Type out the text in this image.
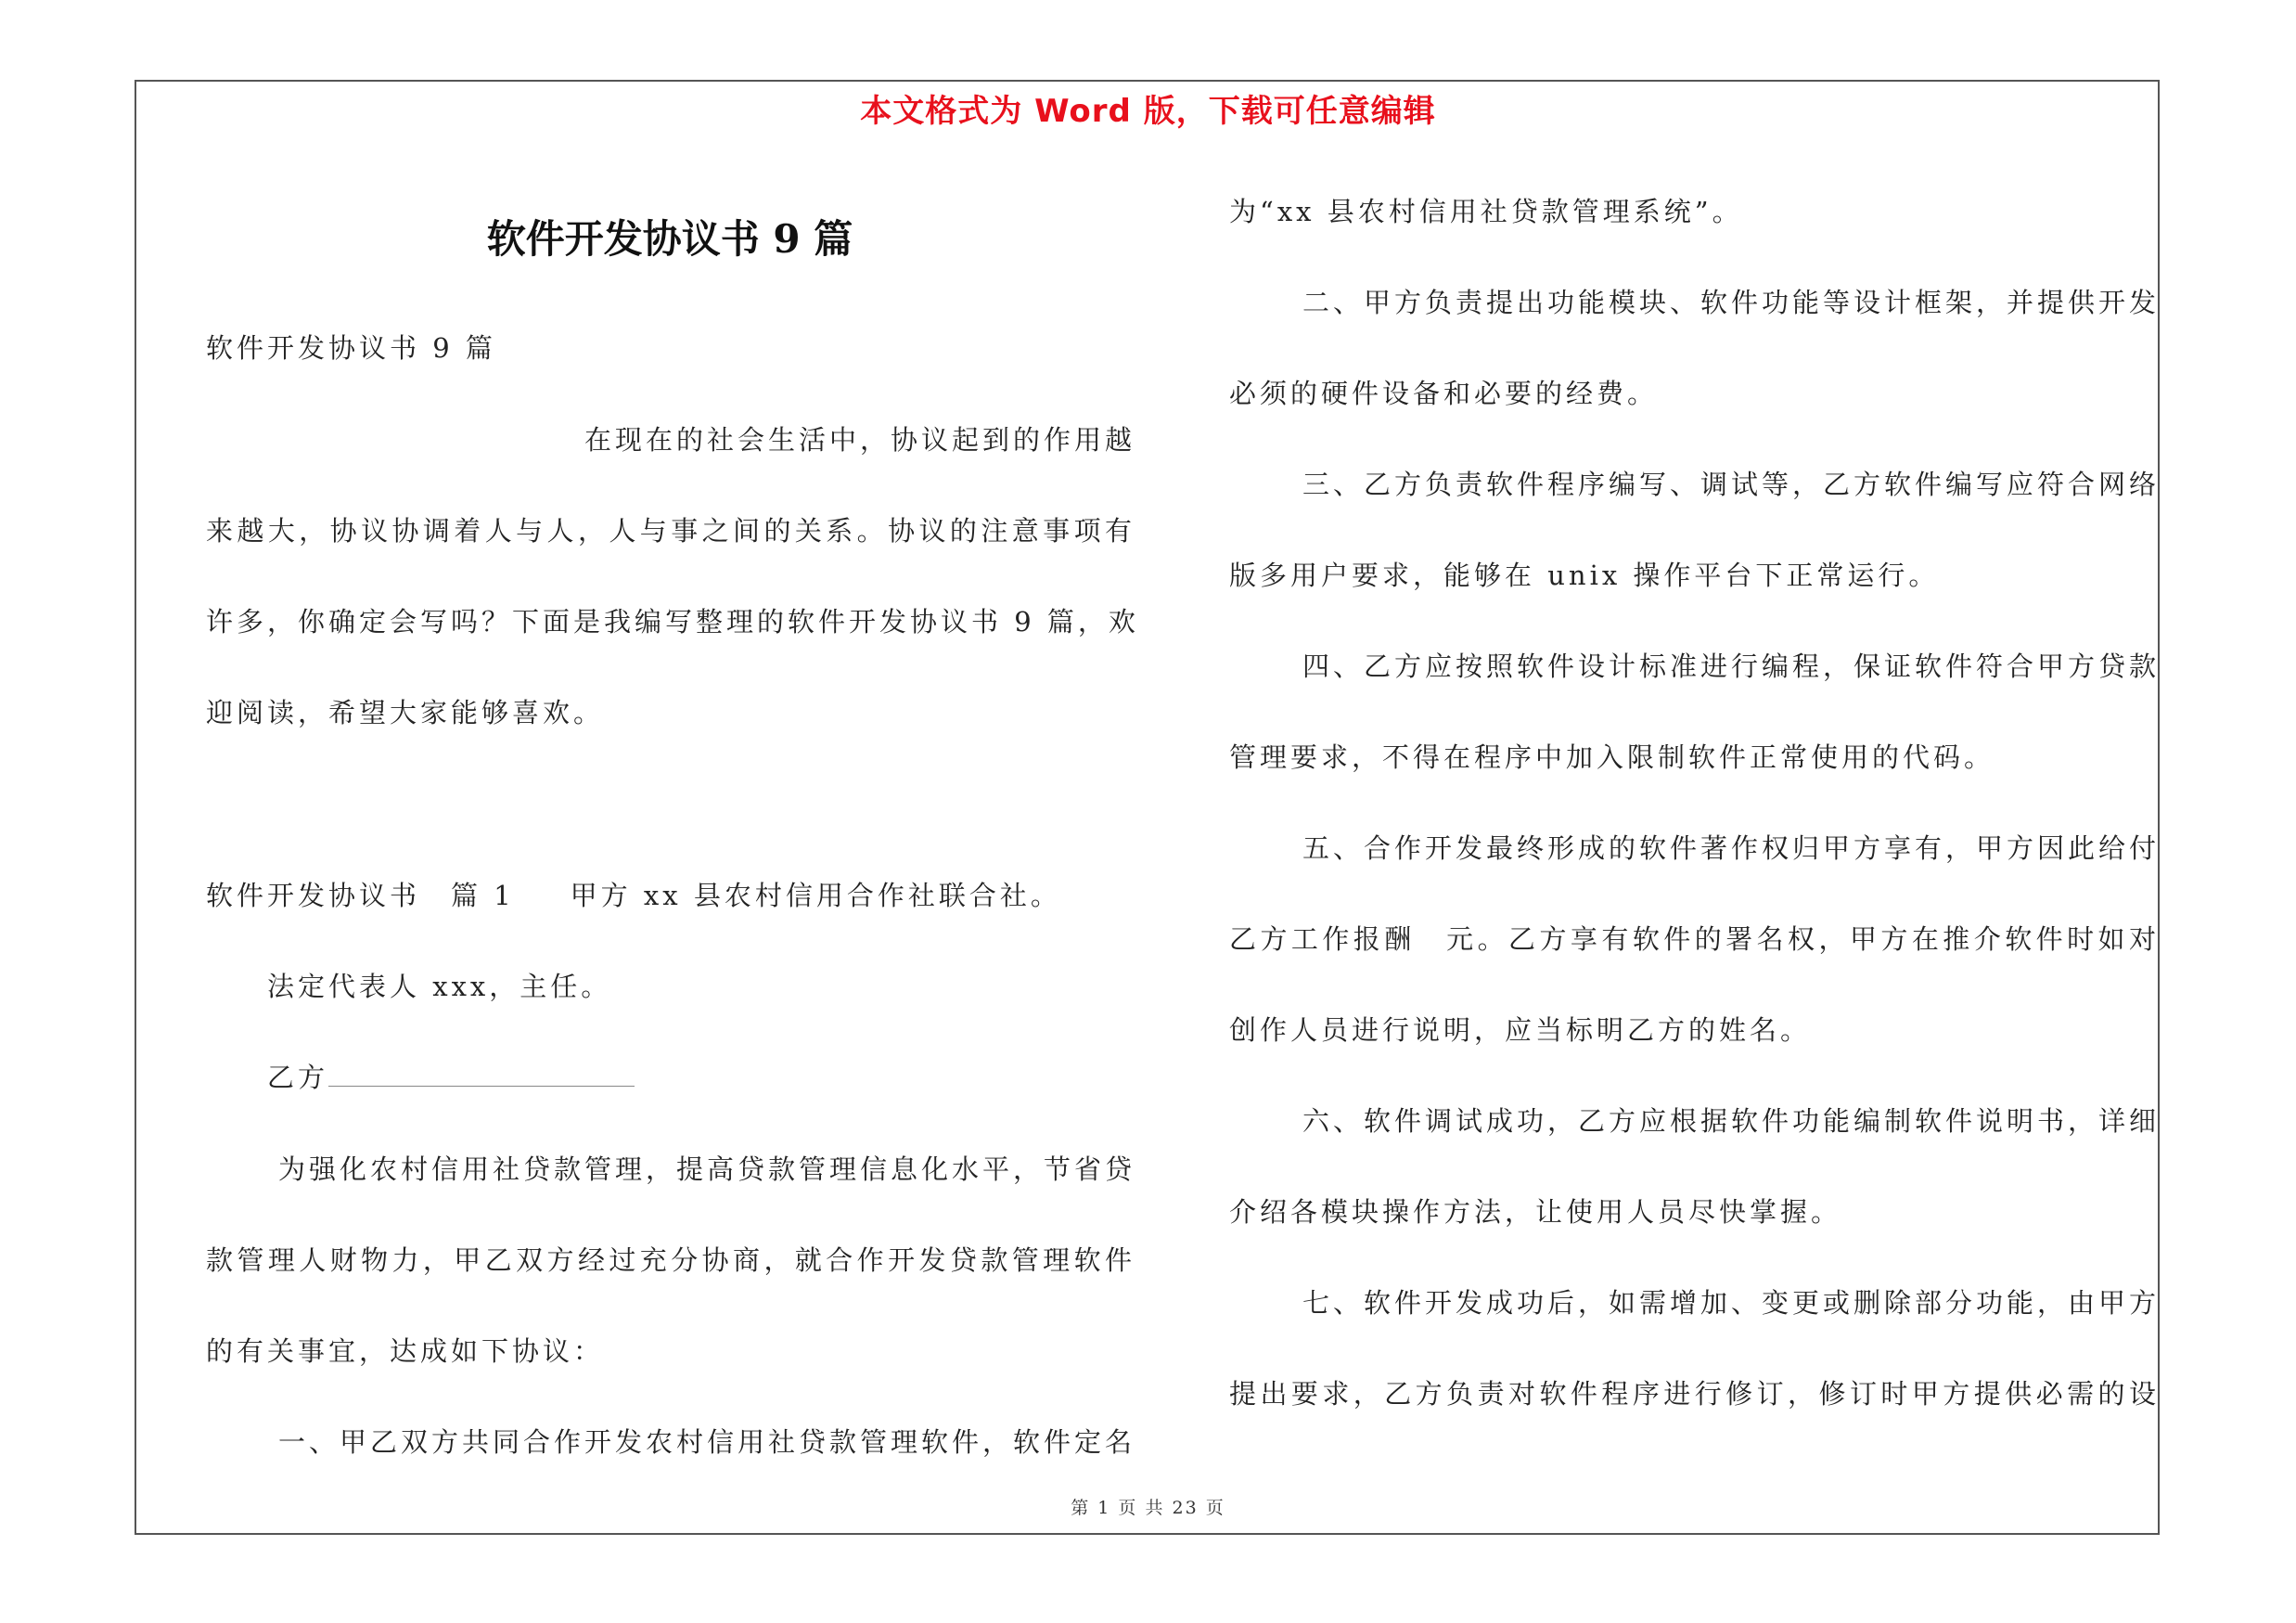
本文格式为 Word 版，下载可任意编辑
软件开发协议书 9 篇
软件开发协议书 9 篇
在现在的社会生活中，协议起到的作用越
来越大，协议协调着人与人，人与事之间的关系。协议的注意事项有
许多，你确定会写吗？下面是我编写整理的软件开发协议书 9 篇，欢
迎阅读，希望大家能够喜欢。
软件开发协议书　篇 1 甲方 xx 县农村信用合作社联合社。
法定代表人 xxx，主任。
乙方
为强化农村信用社贷款管理，提高贷款管理信息化水平，节省贷
款管理人财物力，甲乙双方经过充分协商，就合作开发贷款管理软件
的有关事宜，达成如下协议：
一、甲乙双方共同合作开发农村信用社贷款管理软件，软件定名
为“xx 县农村信用社贷款管理系统”。
二、甲方负责提出功能模块、软件功能等设计框架，并提供开发
必须的硬件设备和必要的经费。
三、乙方负责软件程序编写、调试等，乙方软件编写应符合网络
版多用户要求，能够在 unix 操作平台下正常运行。
四、乙方应按照软件设计标准进行编程，保证软件符合甲方贷款
管理要求，不得在程序中加入限制软件正常使用的代码。
五、合作开发最终形成的软件著作权归甲方享有，甲方因此给付
乙方工作报酬　元。乙方享有软件的署名权，甲方在推介软件时如对
创作人员进行说明，应当标明乙方的姓名。
六、软件调试成功，乙方应根据软件功能编制软件说明书，详细
介绍各模块操作方法，让使用人员尽快掌握。
七、软件开发成功后，如需增加、变更或删除部分功能，由甲方
提出要求，乙方负责对软件程序进行修订，修订时甲方提供必需的设
第 1 页 共 23 页
